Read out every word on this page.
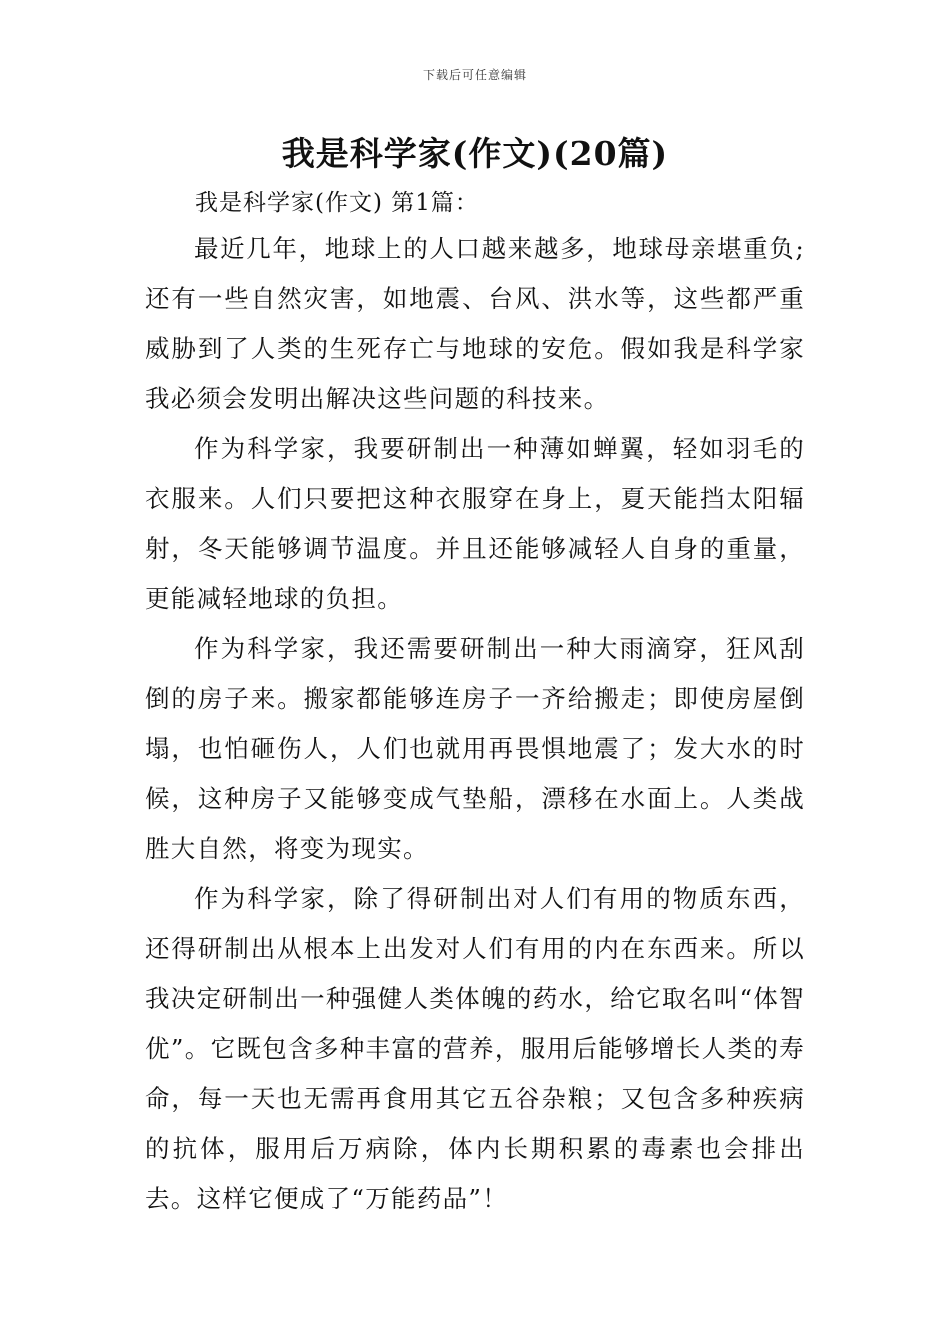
下载后可任意编辑
我是科学家(作文)(20篇)
我是科学家(作文) 第1篇：

最近几年，地球上的人口越来越多，地球母亲堪重负;还有一些自然灾害，如地震、台风、洪水等，这些都严重威胁到了人类的生死存亡与地球的安危。假如我是科学家我必须会发明出解决这些问题的科技来。

作为科学家，我要研制出一种薄如蝉翼，轻如羽毛的衣服来。人们只要把这种衣服穿在身上，夏天能挡太阳辐射，冬天能够调节温度。并且还能够减轻人自身的重量，更能减轻地球的负担。

作为科学家，我还需要研制出一种大雨滴穿，狂风刮倒的房子来。搬家都能够连房子一齐给搬走；即使房屋倒塌，也怕砸伤人，人们也就用再畏惧地震了；发大水的时候，这种房子又能够变成气垫船，漂移在水面上。人类战胜大自然，将变为现实。

作为科学家，除了得研制出对人们有用的物质东西，还得研制出从根本上出发对人们有用的内在东西来。所以我决定研制出一种强健人类体魄的药水，给它取名叫“体智优”。它既包含多种丰富的营养，服用后能够增长人类的寿命，每一天也无需再食用其它五谷杂粮；又包含多种疾病的抗体，服用后万病除，体内长期积累的毒素也会排出去。这样它便成了“万能药品”！
